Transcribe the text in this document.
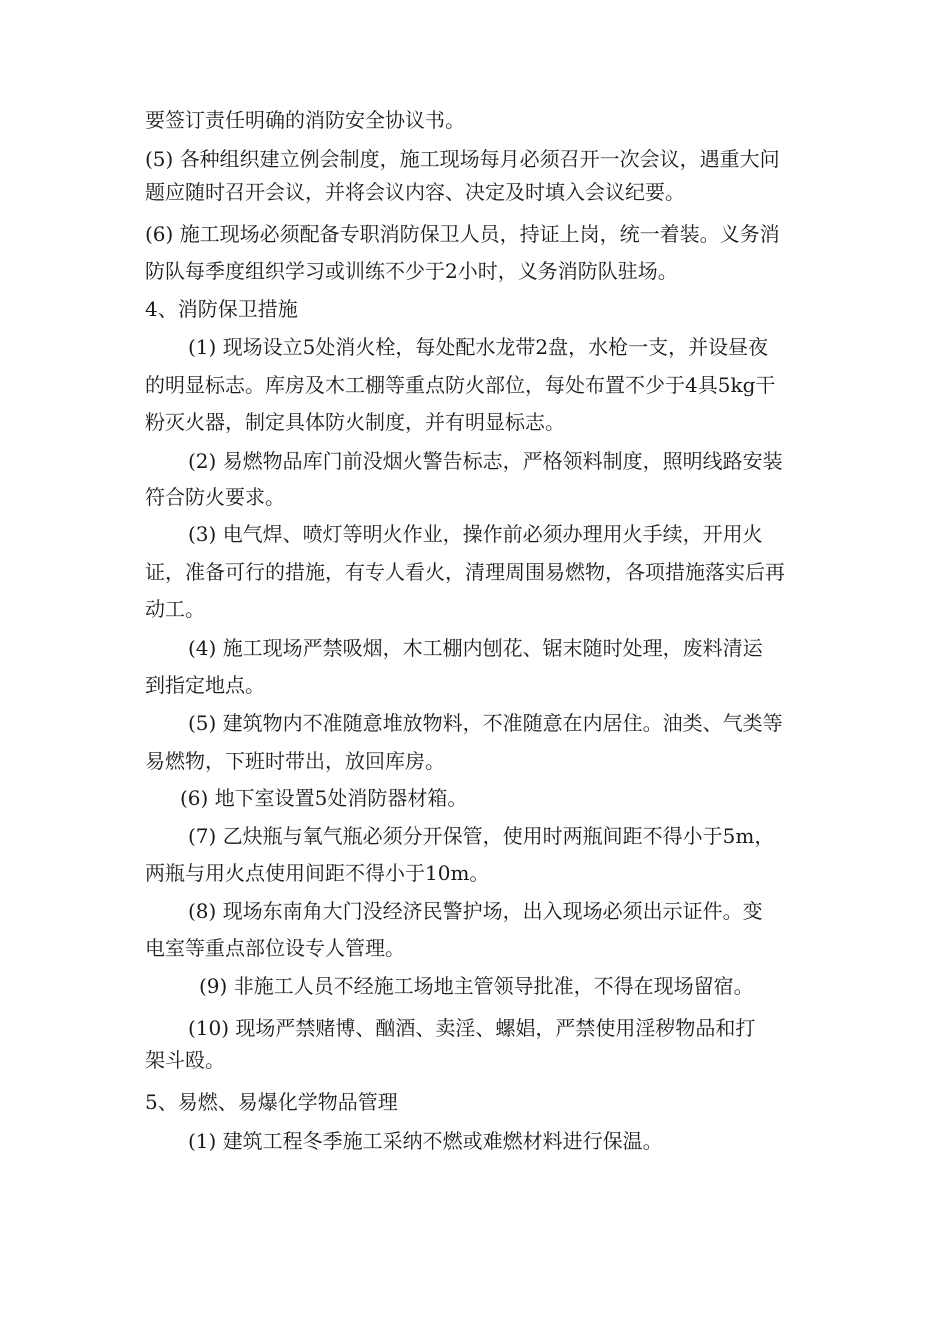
要签订责任明确的消防安全协议书。
(5) 各种组织建立例会制度，施工现场每月必须召开一次会议，遇重大问
题应随时召开会议，并将会议内容、决定及时填入会议纪要。
(6) 施工现场必须配备专职消防保卫人员，持证上岗，统一着装。义务消
防队每季度组织学习或训练不少于2小时，义务消防队驻场。
4、消防保卫措施
(1) 现场设立5处消火栓，每处配水龙带2盘，水枪一支，并设昼夜
的明显标志。库房及木工棚等重点防火部位，每处布置不少于4具5kg干
粉灭火器，制定具体防火制度，并有明显标志。
(2) 易燃物品库门前没烟火警告标志，严格领料制度，照明线路安装
符合防火要求。
(3) 电气焊、喷灯等明火作业，操作前必须办理用火手续，开用火
证，准备可行的措施，有专人看火，清理周围易燃物，各项措施落实后再
动工。
(4) 施工现场严禁吸烟，木工棚内刨花、锯末随时处理，废料清运
到指定地点。
(5) 建筑物内不准随意堆放物料，不准随意在内居住。油类、气类等
易燃物，下班时带出，放回库房。
(6) 地下室设置5处消防器材箱。
(7) 乙炔瓶与氧气瓶必须分开保管，使用时两瓶间距不得小于5m，
两瓶与用火点使用间距不得小于10m。
(8) 现场东南角大门没经济民警护场，出入现场必须出示证件。变
电室等重点部位设专人管理。
(9) 非施工人员不经施工场地主管领导批准，不得在现场留宿。
(10) 现场严禁赌博、酗酒、卖淫、螺娼，严禁使用淫秽物品和打
架斗殴。
5、易燃、易爆化学物品管理
(1) 建筑工程冬季施工采纳不燃或难燃材料进行保温。
